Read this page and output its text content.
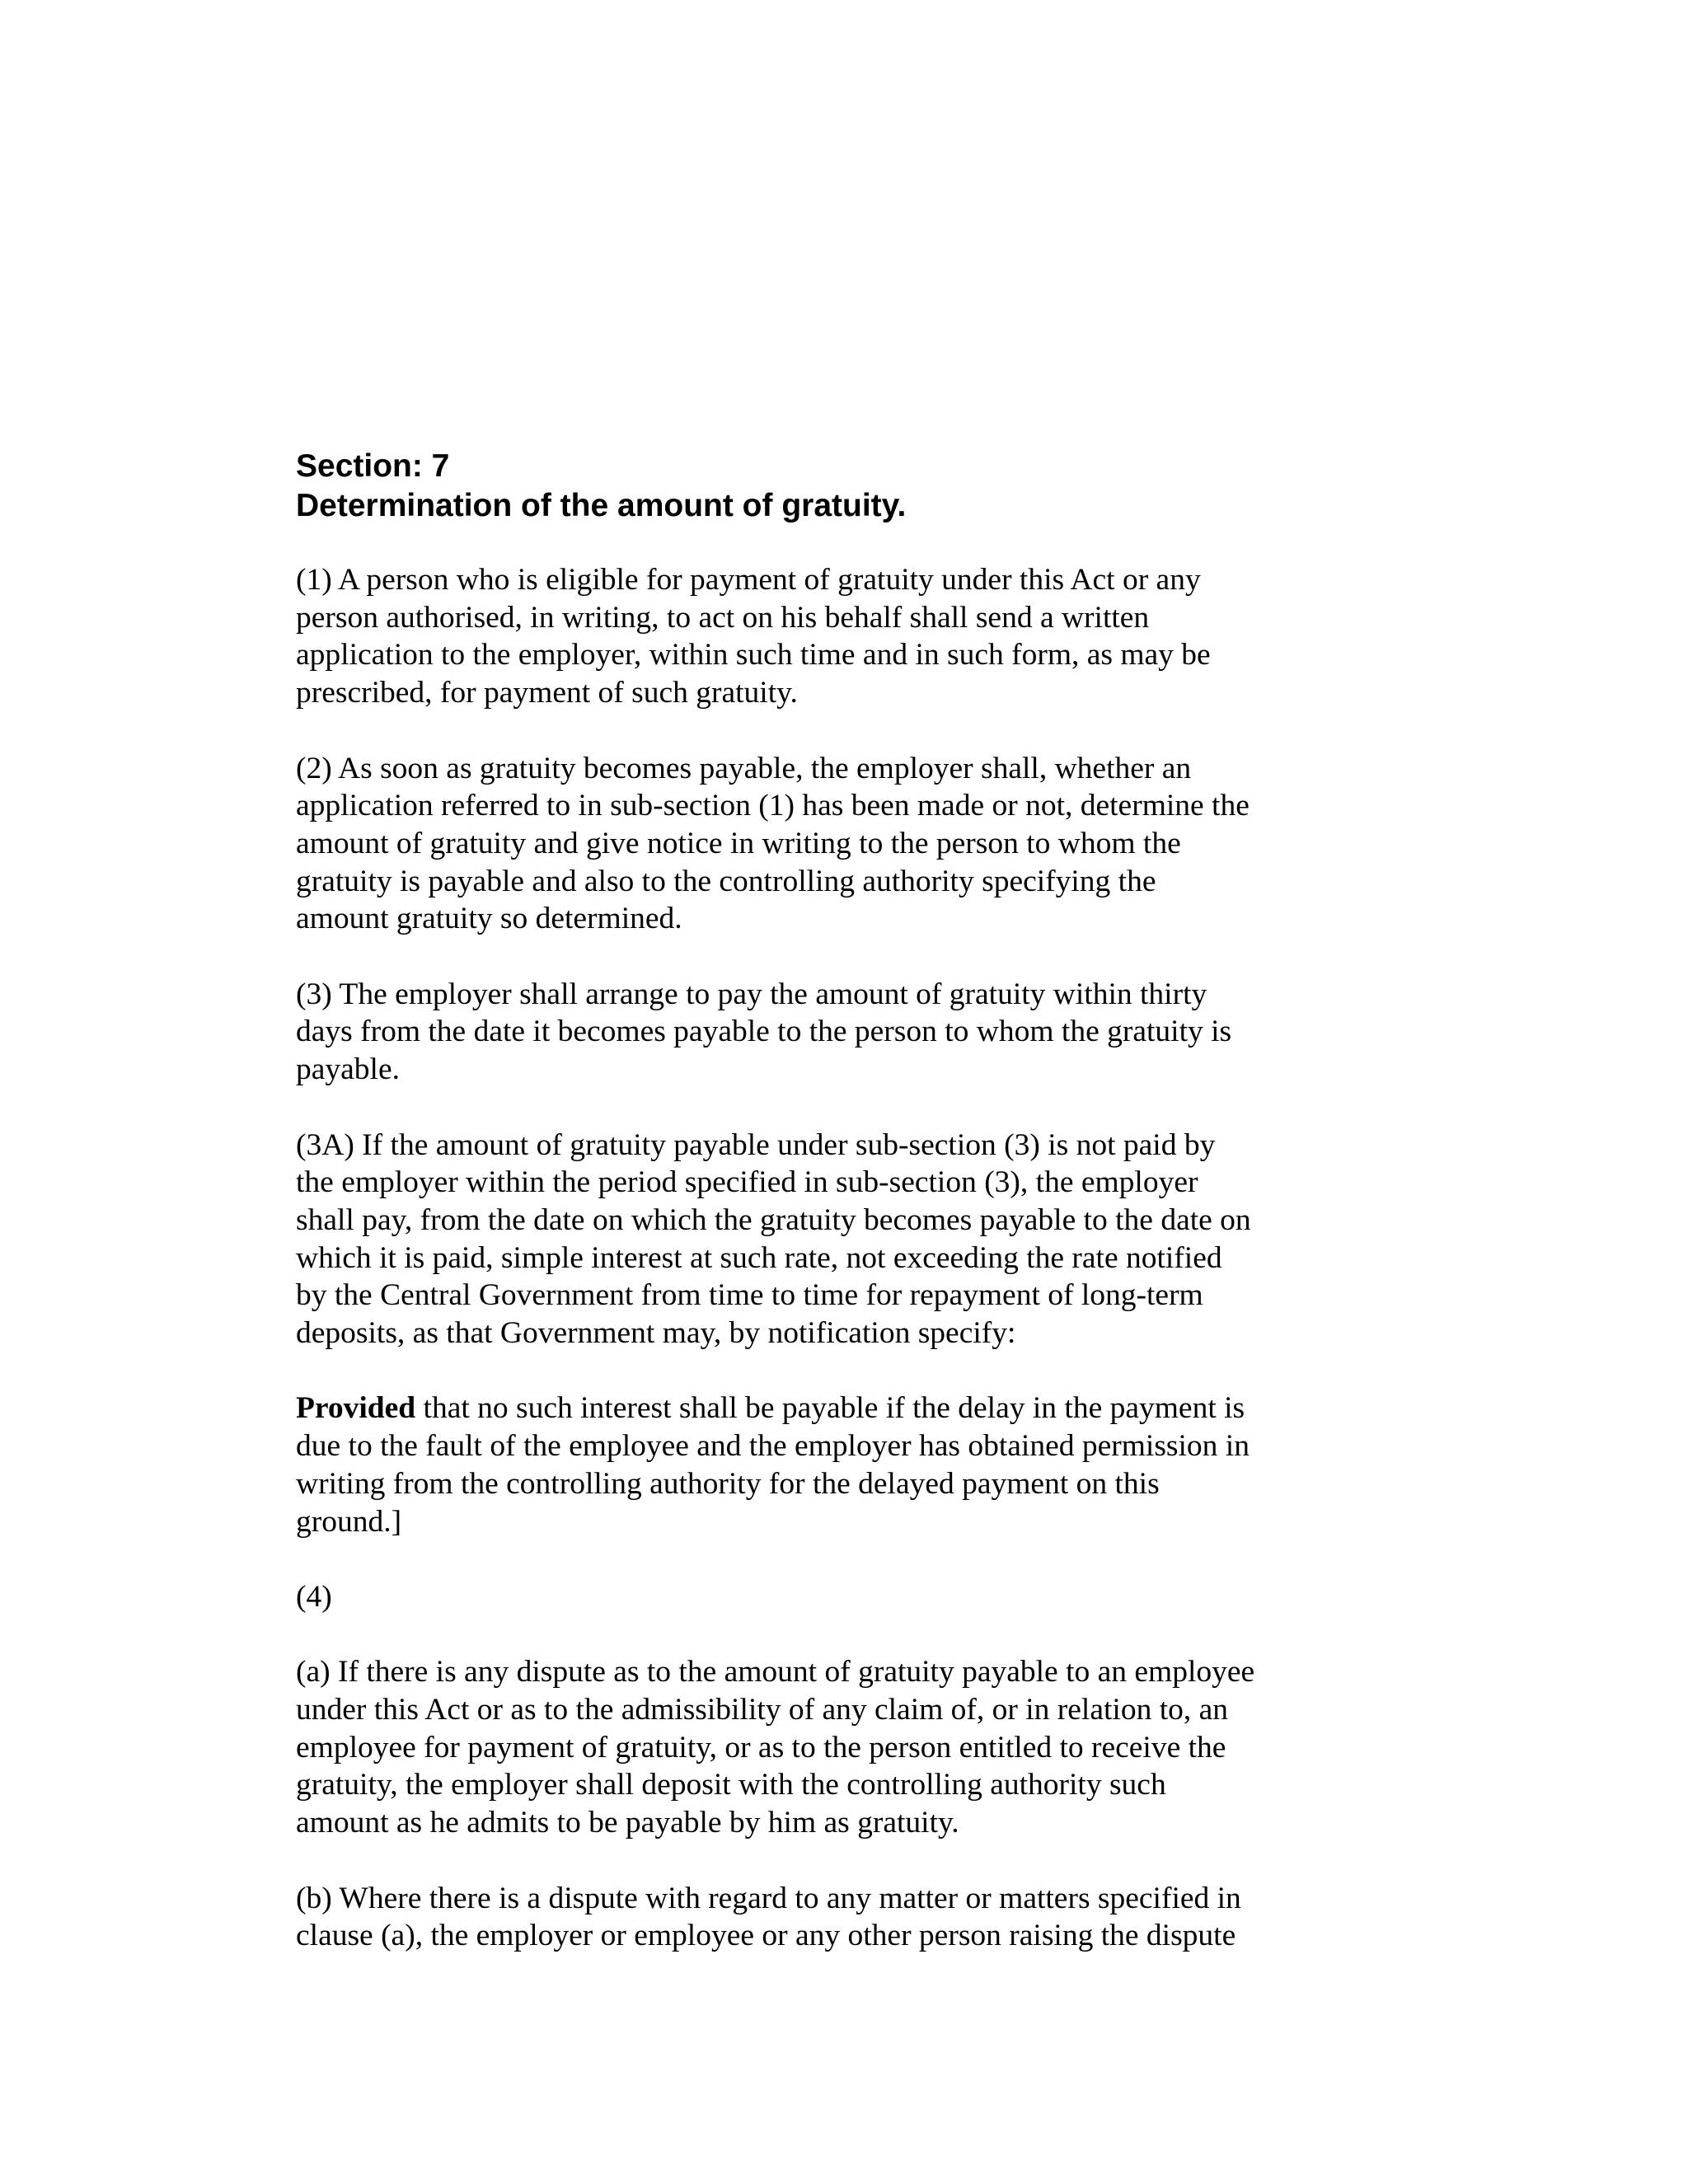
Section: 7
Determination of the amount of gratuity.

(1) A person who is eligible for payment of gratuity under this Act or any
person authorised, in writing, to act on his behalf shall send a written
application to the employer, within such time and in such form, as may be
prescribed, for payment of such gratuity.

(2) As soon as gratuity becomes payable, the employer shall, whether an
application referred to in sub-section (1) has been made or not, determine the
amount of gratuity and give notice in writing to the person to whom the
gratuity is payable and also to the controlling authority specifying the
amount gratuity so determined.

(3) The employer shall arrange to pay the amount of gratuity within thirty
days from the date it becomes payable to the person to whom the gratuity is
payable.

(3A) If the amount of gratuity payable under sub-section (3) is not paid by
the employer within the period specified in sub-section (3), the employer
shall pay, from the date on which the gratuity becomes payable to the date on
which it is paid, simple interest at such rate, not exceeding the rate notified
by the Central Government from time to time for repayment of long-term
deposits, as that Government may, by notification specify:

Provided that no such interest shall be payable if the delay in the payment is
due to the fault of the employee and the employer has obtained permission in
writing from the controlling authority for the delayed payment on this
ground.]

(4)

(a) If there is any dispute as to the amount of gratuity payable to an employee
under this Act or as to the admissibility of any claim of, or in relation to, an
employee for payment of gratuity, or as to the person entitled to receive the
gratuity, the employer shall deposit with the controlling authority such
amount as he admits to be payable by him as gratuity.

(b) Where there is a dispute with regard to any matter or matters specified in
clause (a), the employer or employee or any other person raising the dispute
